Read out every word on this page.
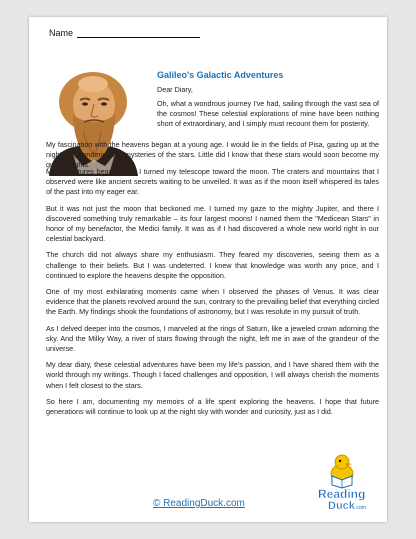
Name
Galileo's Galactic Adventures

Dear Diary,

Oh, what a wondrous journey I've had, sailing through the vast sea of the cosmos! These celestial explorations of mine have been nothing short of extraordinary, and I simply must recount them for posterity.

My fascination with the heavens began at a young age. I would lie in the fields of Pisa, gazing up at the night sky, pondering the mysteries of the stars. Little did I know that these stars would soon become my guiding lights.

My adventures began when I turned my telescope toward the moon. The craters and mountains that I observed were like ancient secrets waiting to be unveiled. It was as if the moon itself whispered its tales of the past into my eager ear.

But it was not just the moon that beckoned me. I turned my gaze to the mighty Jupiter, and there I discovered something truly remarkable – its four largest moons! I named them the "Medicean Stars" in honor of my benefactor, the Medici family. It was as if I had discovered a whole new world right in our celestial backyard.

The church did not always share my enthusiasm. They feared my discoveries, seeing them as a challenge to their beliefs. But I was undeterred. I knew that knowledge was worth any price, and I continued to explore the heavens despite the opposition.

One of my most exhilarating moments came when I observed the phases of Venus. It was clear evidence that the planets revolved around the sun, contrary to the prevailing belief that everything circled the Earth. My findings shook the foundations of astronomy, but I was resolute in my pursuit of truth.

As I delved deeper into the cosmos, I marveled at the rings of Saturn, like a jeweled crown adorning the sky. And the Milky Way, a river of stars flowing through the night, left me in awe of the grandeur of the universe.

My dear diary, these celestial adventures have been my life's passion, and I have shared them with the world through my writings. Though I faced challenges and opposition, I will always cherish the moments when I felt closest to the stars.

So here I am, documenting my memoirs of a life spent exploring the heavens. I hope that future generations will continue to look up at the night sky with wonder and curiosity, just as I did.

© ReadingDuck.com
Reading
Duck .com
